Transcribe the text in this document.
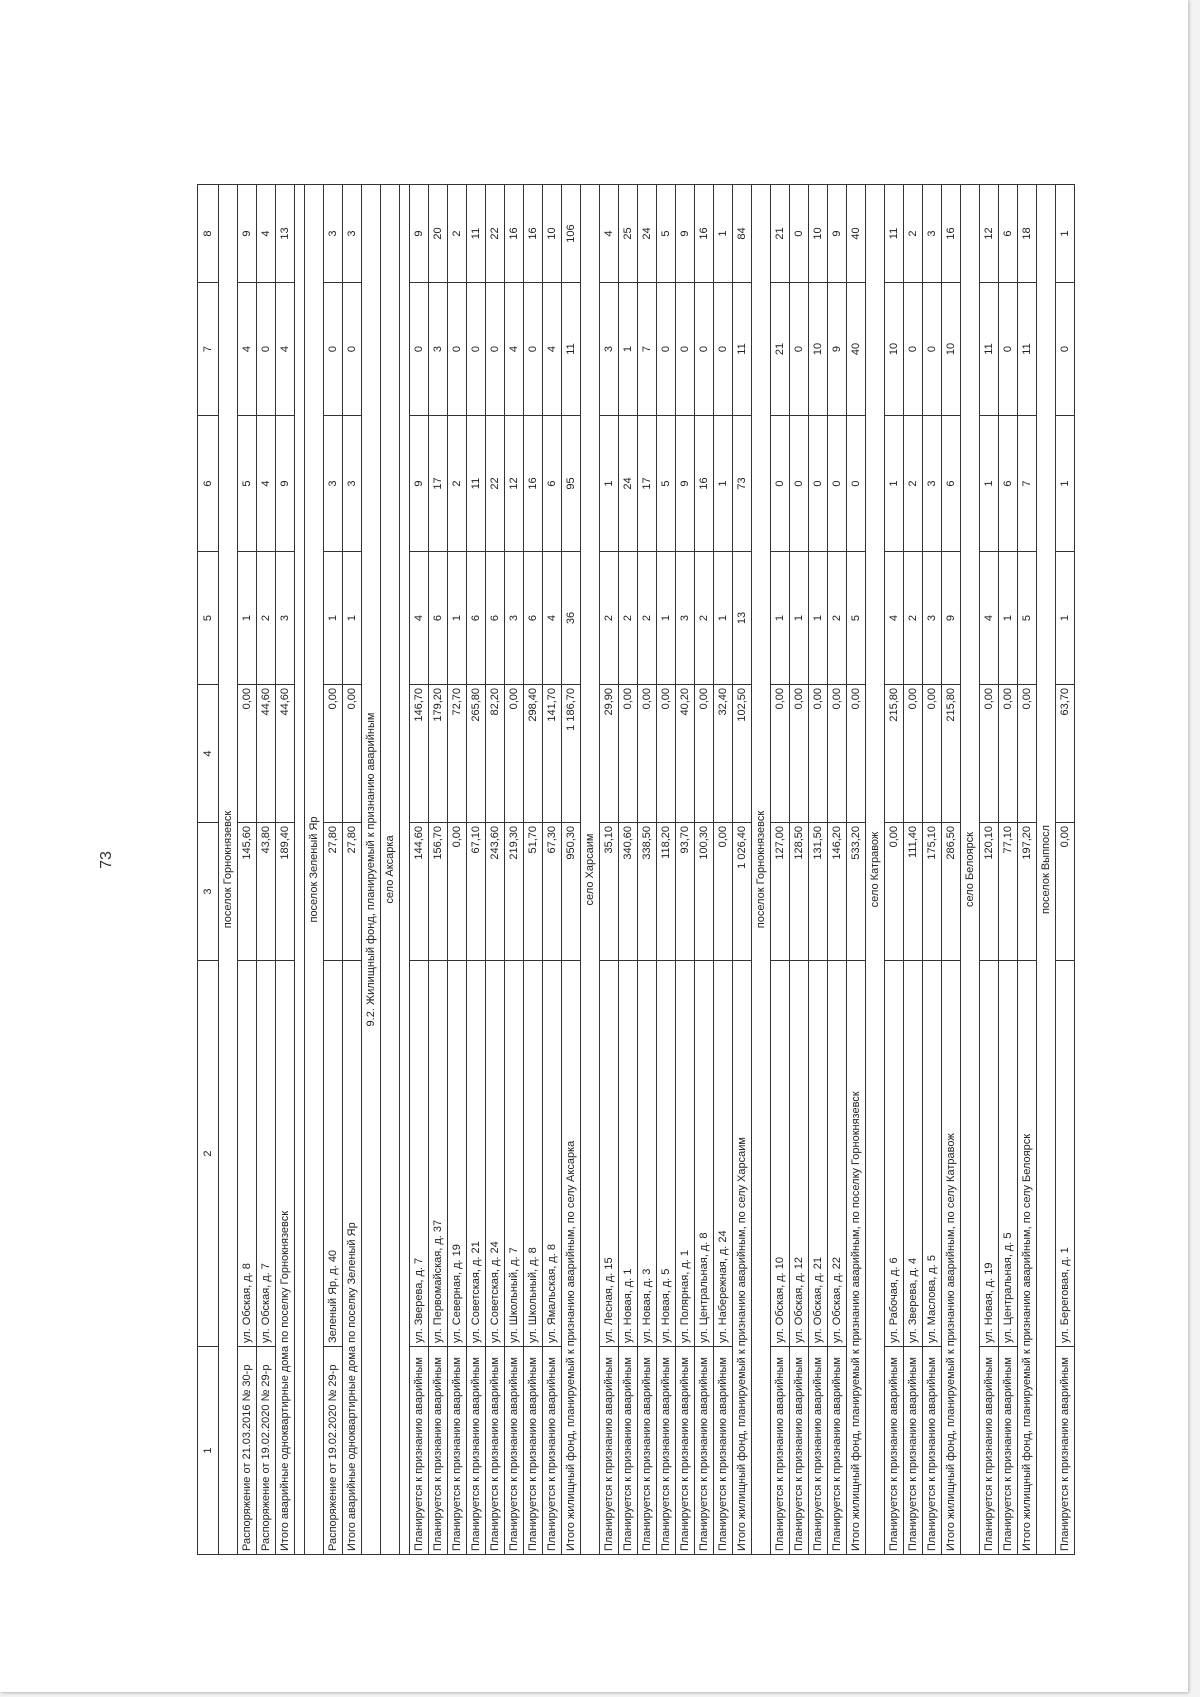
73
1	2	3	4	5	6	7	8
поселок Горнокнязевск							
Распоряжение от 21.03.2016 № 30-р	ул. Обская, д. 8	145,60	0,00	1	5	4	9
Распоряжение от 19.02.2020 № 29-р	ул. Обская, д. 7	43,80	44,60	2	4	0	4
Итого аварийные одноквартирные дома по поселку Горнокнязевск		189,40	44,60	3	9	4	13

поселок Зеленый Яр							
Распоряжение от 19.02.2020 № 29-р	Зеленый Яр, д. 40	27,80	0,00	1	3	0	3
Итого аварийные одноквартирные дома по поселку Зеленый Яр		27,80	0,00	1	3	0	3
9.2. Жилищный фонд, планируемый к признанию аварийным							
село Аксарка							

Планируется к признанию аварийным	ул. Зверева, д. 7	144,60	146,70	4	9	0	9
Планируется к признанию аварийным	ул. Первомайская, д. 37	156,70	179,20	6	17	3	20
Планируется к признанию аварийным	ул. Северная, д. 19	0,00	72,70	1	2	0	2
Планируется к признанию аварийным	ул. Советская, д. 21	67,10	265,80	6	11	0	11
Планируется к признанию аварийным	ул. Советская, д. 24	243,60	82,20	6	22	0	22
Планируется к признанию аварийным	ул. Школьный, д. 7	219,30	0,00	3	12	4	16
Планируется к признанию аварийным	ул. Школьный, д. 8	51,70	298,40	6	16	0	16
Планируется к признанию аварийным	ул. Ямальская, д. 8	67,30	141,70	4	6	4	10
Итого жилищный фонд, планируемый к признанию аварийным, по селу Аксарка		950,30	1 186,70	36	95	11	106
село Харсаим							
Планируется к признанию аварийным	ул. Лесная, д. 15	35,10	29,90	2	1	3	4
Планируется к признанию аварийным	ул. Новая, д. 1	340,60	0,00	2	24	1	25
Планируется к признанию аварийным	ул. Новая, д. 3	338,50	0,00	2	17	7	24
Планируется к признанию аварийным	ул. Новая, д. 5	118,20	0,00	1	5	0	5
Планируется к признанию аварийным	ул. Полярная, д. 1	93,70	40,20	3	9	0	9
Планируется к признанию аварийным	ул. Центральная, д. 8	100,30	0,00	2	16	0	16
Планируется к признанию аварийным	ул. Набережная, д. 24	0,00	32,40	1	1	0	1
Итого жилищный фонд, планируемый к признанию аварийным, по селу Харсаим		1 026,40	102,50	13	73	11	84
поселок Горнокнязевск							
Планируется к признанию аварийным	ул. Обская, д. 10	127,00	0,00	1	0	21	21
Планируется к признанию аварийным	ул. Обская, д. 12	128,50	0,00	1	0	0	0
Планируется к признанию аварийным	ул. Обская, д. 21	131,50	0,00	1	0	10	10
Планируется к признанию аварийным	ул. Обская, д. 22	146,20	0,00	2	0	9	9
Итого жилищный фонд, планируемый к признанию аварийным, по поселку Горнокнязевск		533,20	0,00	5	0	40	40
село Катравож							
Планируется к признанию аварийным	ул. Рабочая, д. 6	0,00	215,80	4	1	10	11
Планируется к признанию аварийным	ул. Зверева, д. 4	111,40	0,00	2	2	0	2
Планируется к признанию аварийным	ул. Маслова, д. 5	175,10	0,00	3	3	0	3
Итого жилищный фонд, планируемый к признанию аварийным, по селу Катравож		286,50	215,80	9	6	10	16
село Белоярск							
Планируется к признанию аварийным	ул. Новая, д. 19	120,10	0,00	4	1	11	12
Планируется к признанию аварийным	ул. Центральная, д. 5	77,10	0,00	1	6	0	6
Итого жилищный фонд, планируемый к признанию аварийным, по селу Белоярск		197,20	0,00	5	7	11	18
поселок Выппосл							
Планируется к признанию аварийным	ул. Береговая, д. 1	0,00	63,70	1	1	0	1
